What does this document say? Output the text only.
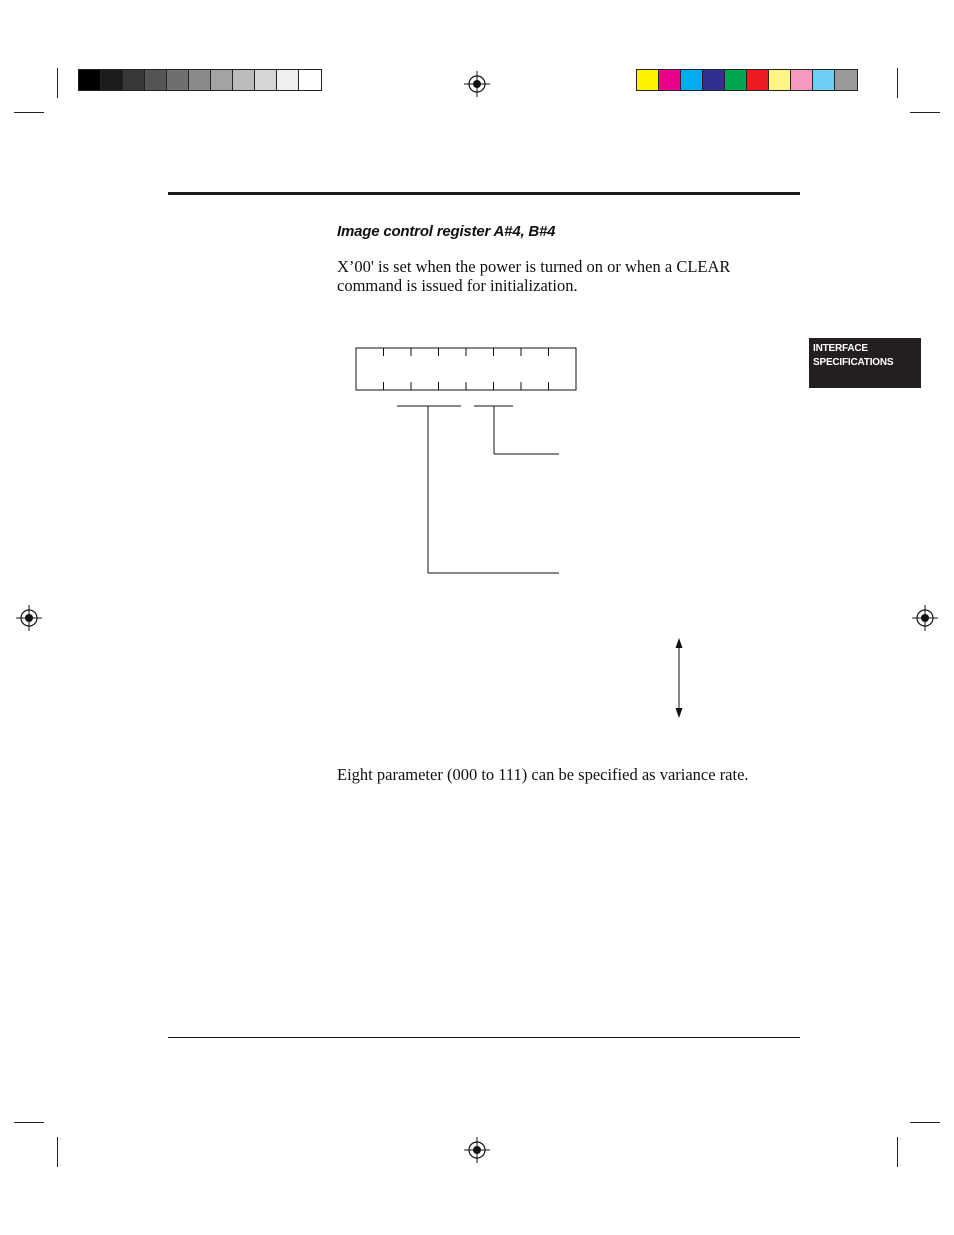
INTERFACE
SPECIFICATIONS
Image control register A#4, B#4
X’00' is set when the power is turned on or when a CLEAR
command is issued for initialization.
Eight parameter (000 to 111) can be specified as variance rate.
